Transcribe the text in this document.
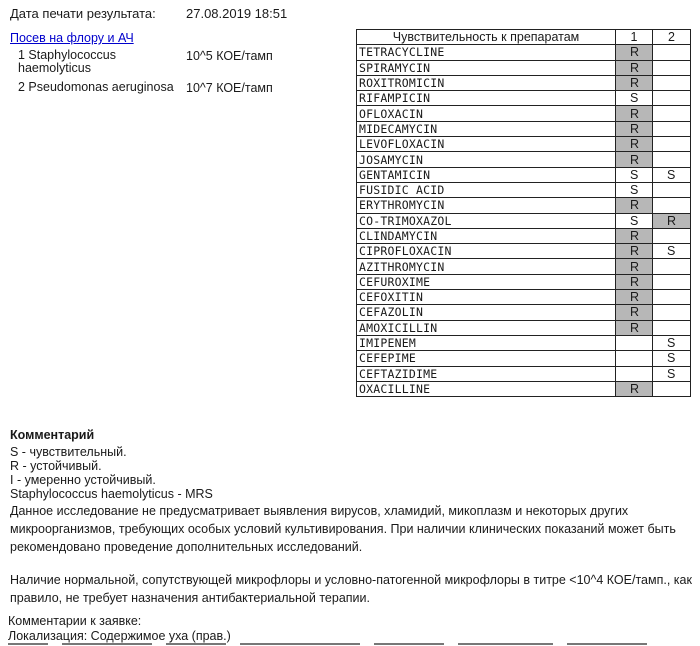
Дата печати результата: 27.08.2019 18:51
Посев на флору и АЧ
1 Staphylococcus haemolyticus
10^5 КОЕ/тамп
2 Pseudomonas aeruginosa 10^7 КОЕ/тамп
Чувствительность к препаратам	1	2
TETRACYCLINE	R	
SPIRAMYCIN	R	
ROXITROMICIN	R	
RIFAMPICIN	S	
OFLOXACIN	R	
MIDECAMYCIN	R	
LEVOFLOXACIN	R	
JOSAMYCIN	R	
GENTAMICIN	S	S
FUSIDIC ACID	S	
ERYTHROMYCIN	R	
CO-TRIMOXAZOL	S	R
CLINDAMYCIN	R	
CIPROFLOXACIN	R	S
AZITHROMYCIN	R	
CEFUROXIME	R	
CEFOXITIN	R	
CEFAZOLIN	R	
AMOXICILLIN	R	
IMIPENEM		S
CEFEPIME		S
CEFTAZIDIME		S
OXACILLINE	R	
Комментарий
S - чувствительный.
R - устойчивый.
I - умеренно устойчивый.
Staphylococcus haemolyticus - MRS
Данное исследование не предусматривает выявления вирусов, хламидий, микоплазм и некоторых других микроорганизмов, требующих особых условий культивирования. При наличии клинических показаний может быть рекомендовано проведение дополнительных исследований.
Наличие нормальной, сопутствующей микрофлоры и условно-патогенной микрофлоры в титре <10^4 КОЕ/тамп., как правило, не требует назначения антибактериальной терапии.
Комментарии к заявке:
Локализация: Содержимое уха (прав.)
